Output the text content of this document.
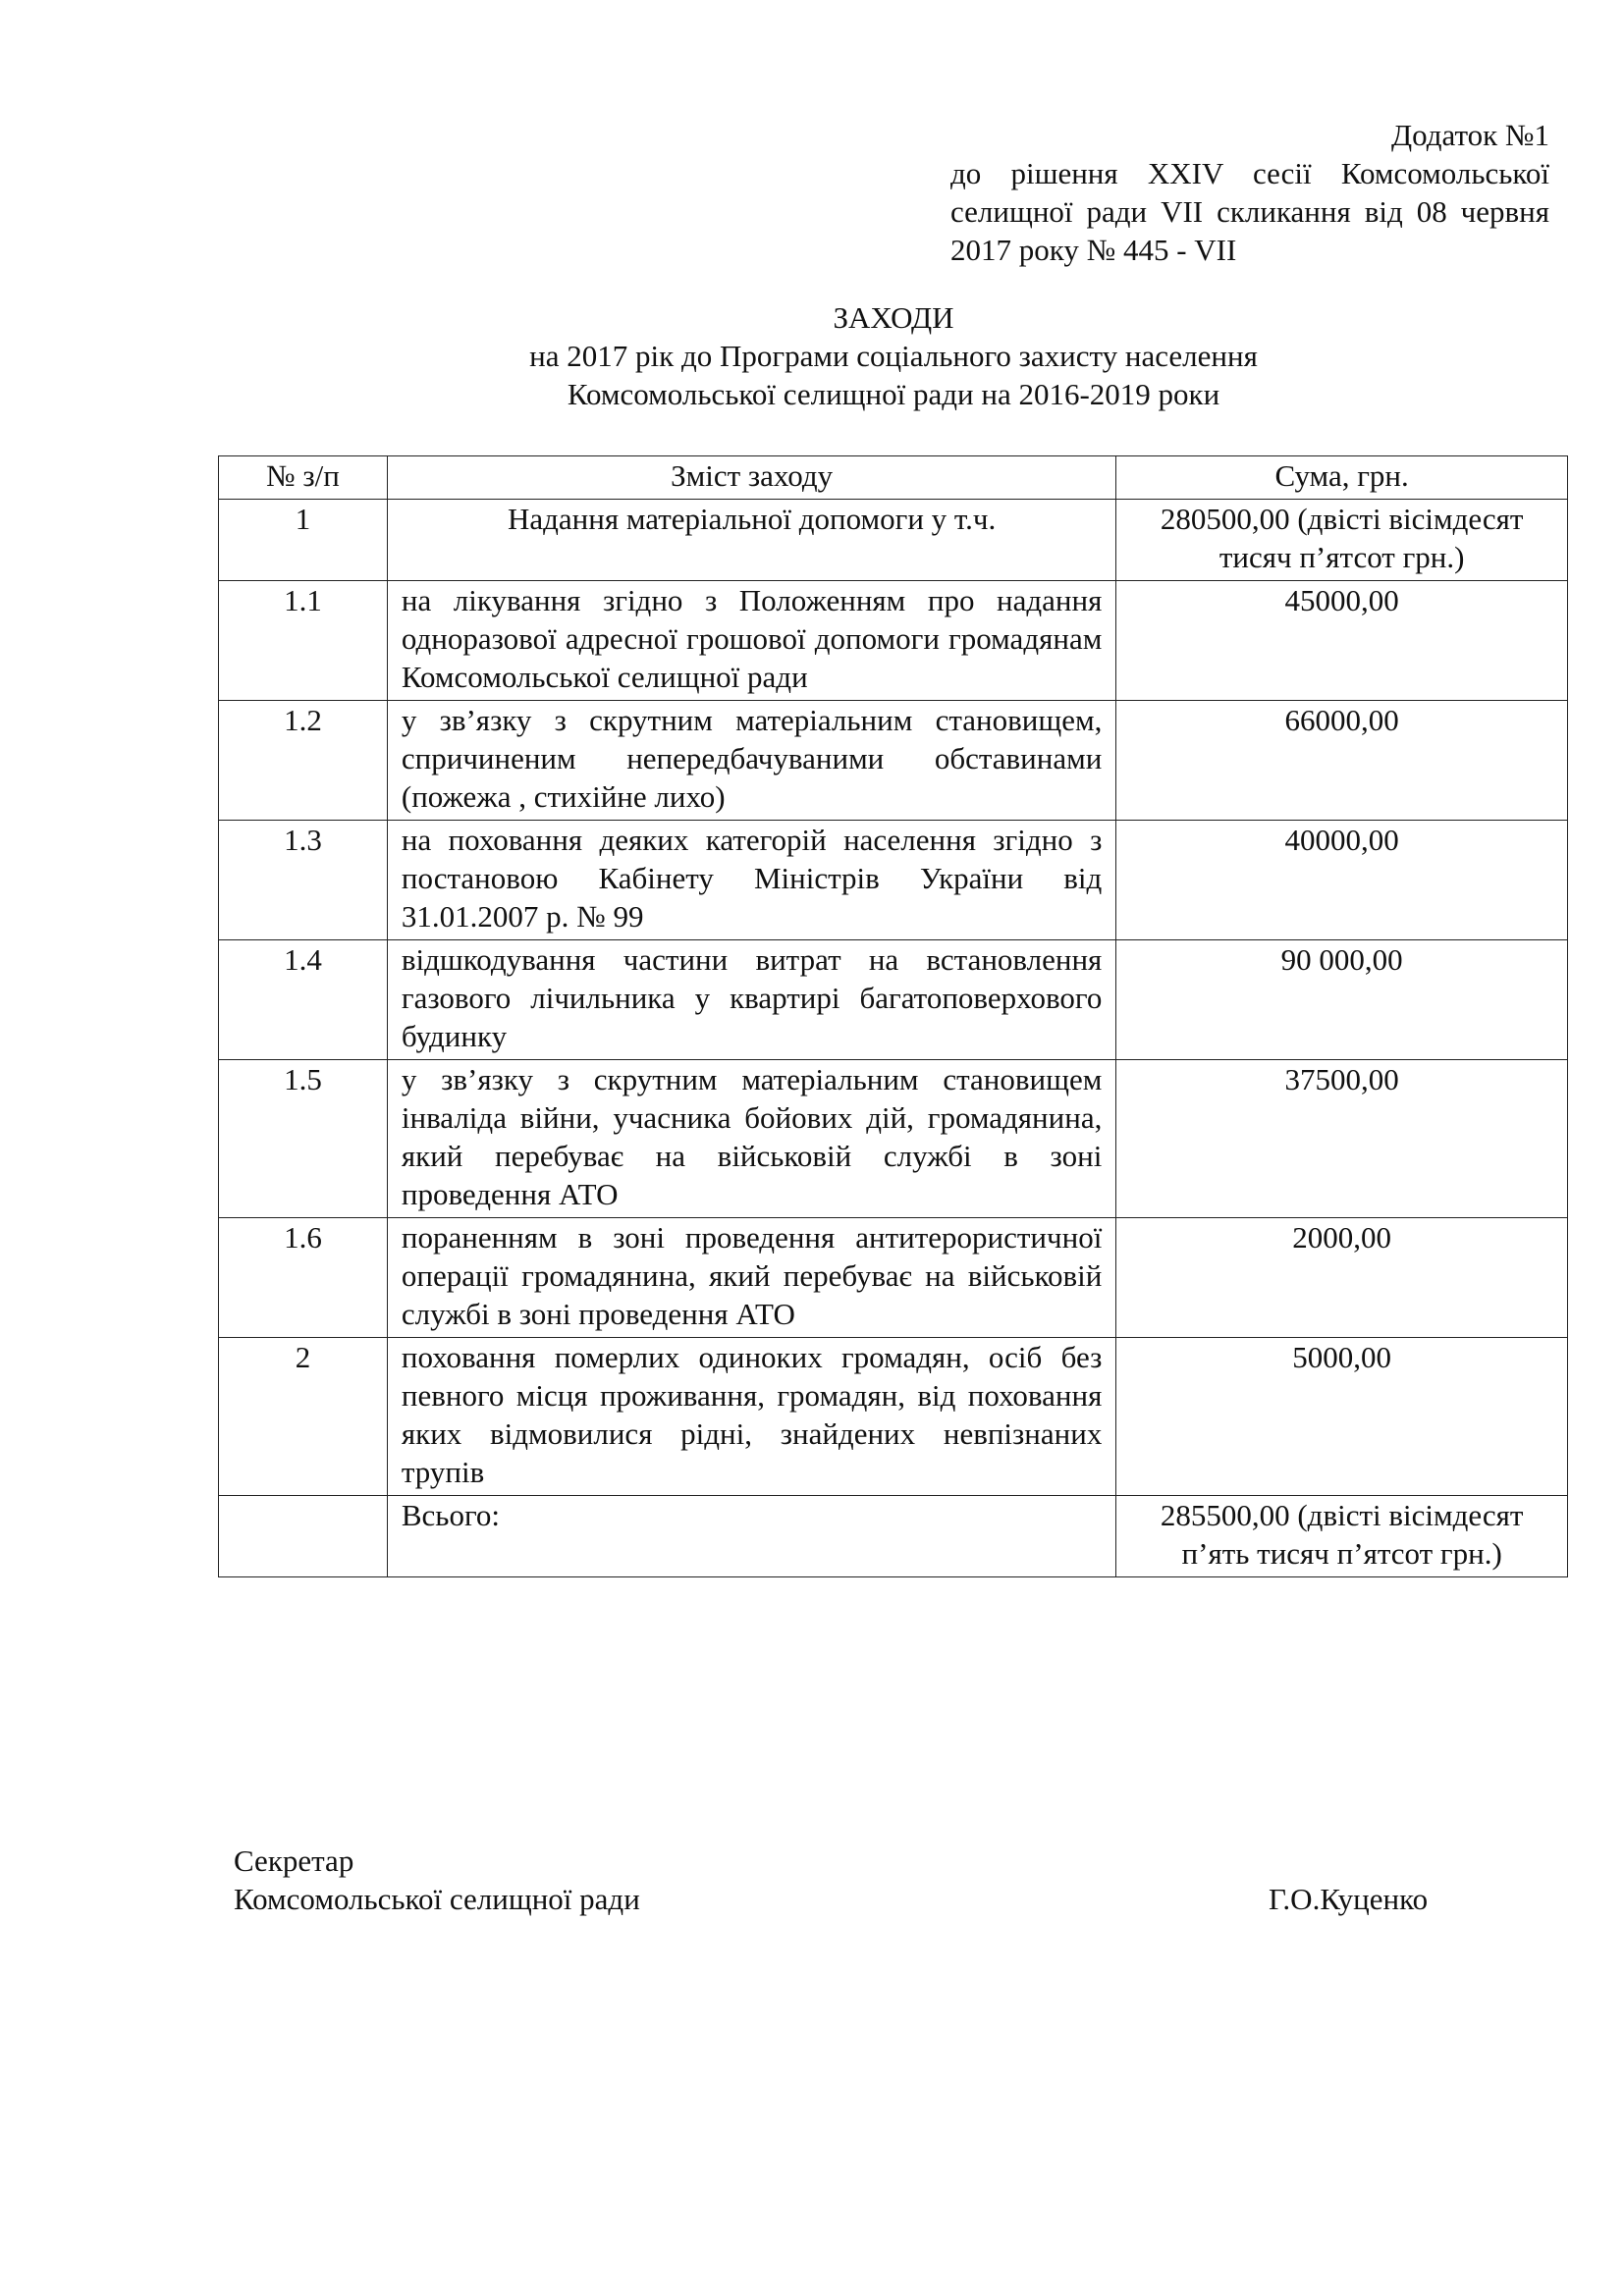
Додаток №1
до рішення XXIV сесії Комсомольської селищної ради VII скликання від 08 червня 2017 року № 445 - VII
ЗАХОДИ
на 2017 рік до Програми соціального захисту населення
Комсомольської селищної ради на 2016-2019 роки
№ з/п	Зміст заходу	Сума, грн.
1	Надання матеріальної допомоги у т.ч.	280500,00 (двісті вісімдесят тисяч п’ятсот грн.)
1.1	на лікування згідно з Положенням про надання одноразової адресної грошової допомоги громадянам Комсомольської селищної ради	45000,00
1.2	у зв’язку з скрутним матеріальним становищем, спричиненим непередбачуваними обставинами (пожежа , стихійне лихо)	66000,00
1.3	на поховання деяких категорій населення згідно з постановою Кабінету Міністрів України від 31.01.2007 р. № 99	40000,00
1.4	відшкодування частини витрат на встановлення газового лічильника у квартирі багатоповерхового будинку	90 000,00
1.5	у зв’язку з скрутним матеріальним становищем інваліда війни, учасника бойових дій, громадянина, який перебуває на військовій службі в зоні проведення АТО	37500,00
1.6	пораненням в зоні проведення антитерористичної операції громадянина, який перебуває на військовій службі в зоні проведення АТО	2000,00
2	поховання померлих одиноких громадян, осіб без певного місця проживання, громадян, від поховання яких відмовилися рідні, знайдених невпізнаних трупів	5000,00
	Всього:	285500,00 (двісті вісімдесят п’ять тисяч п’ятсот грн.)
Секретар
Комсомольської селищної ради	Г.О.Куценко
